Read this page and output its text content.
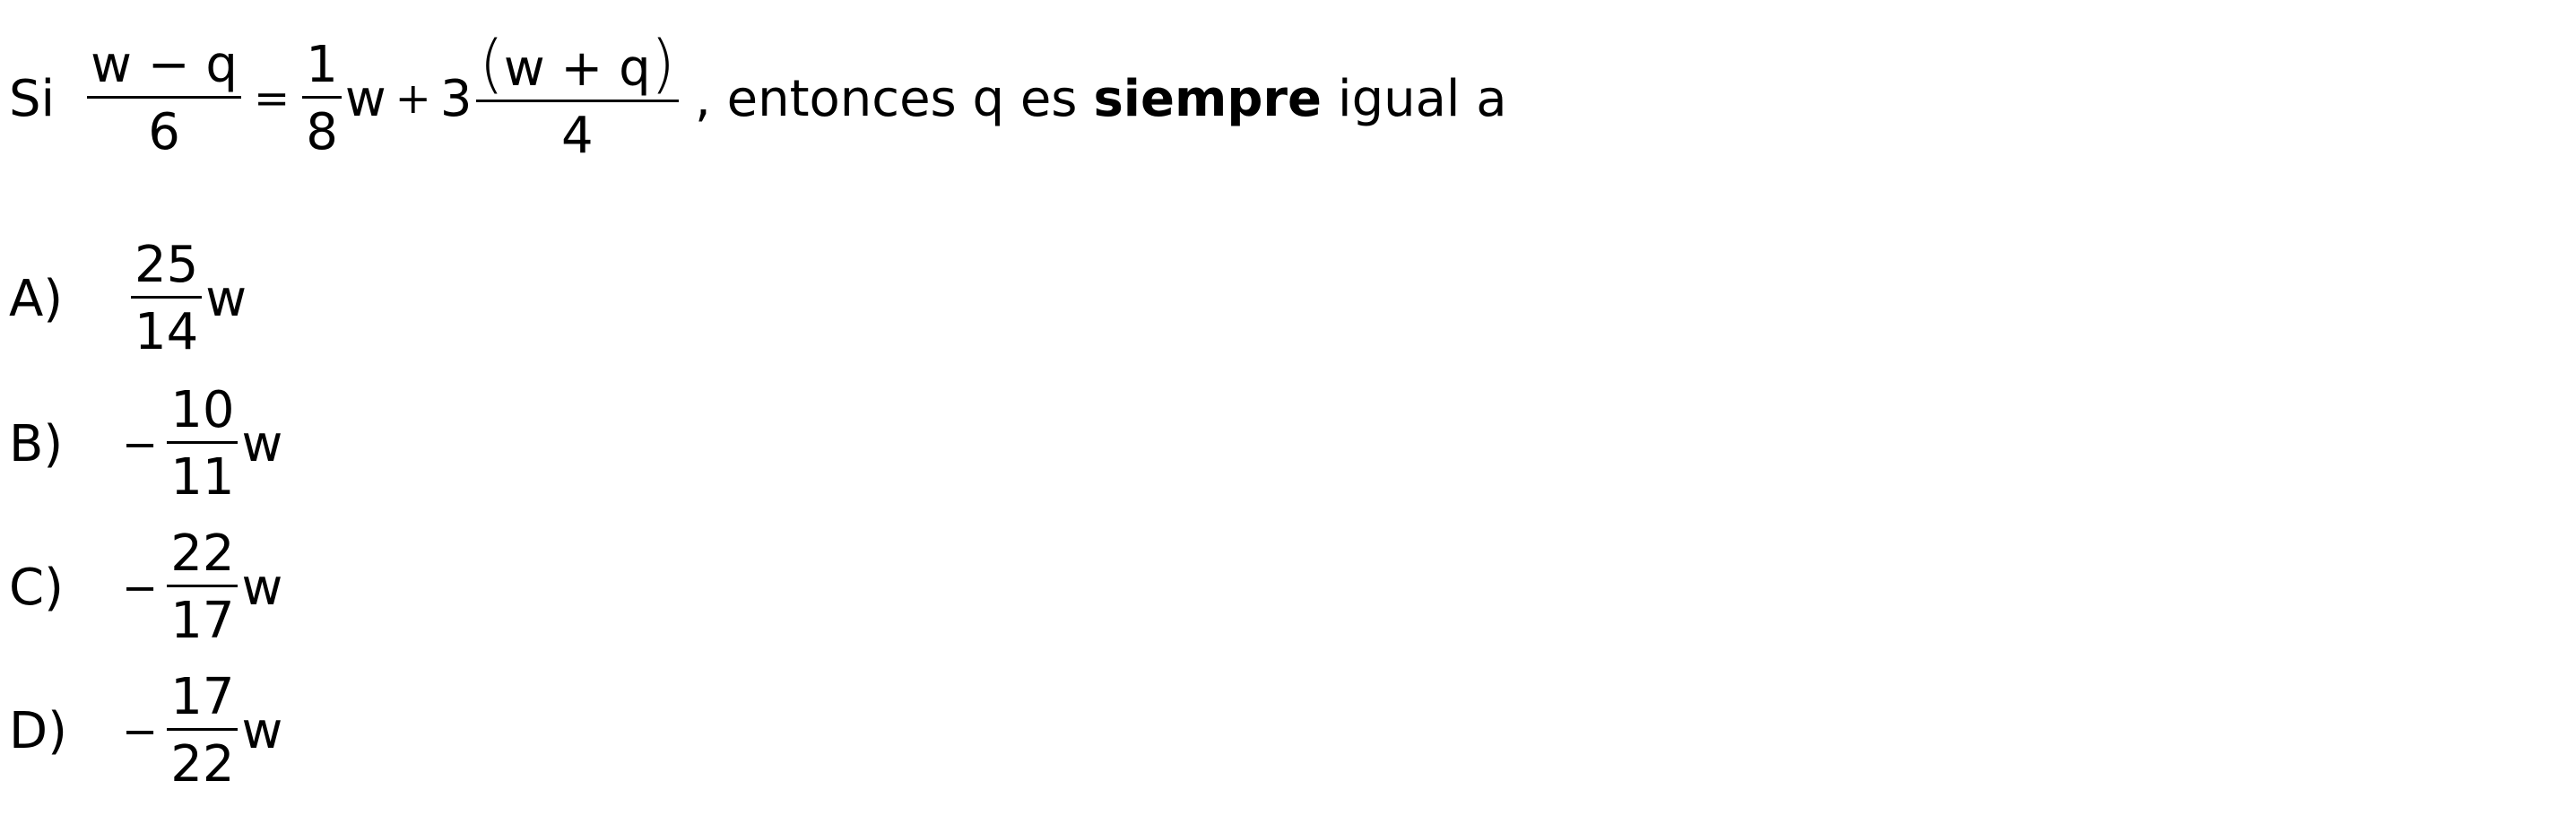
Si $\frac{w - q}{6} = \frac{1}{8}$ $w + 3 \frac{(w + q)}{4}$ , entonces q es siempre igual a
A)	$\frac{25}{14}$ w
B)	− $\frac{10}{11}$ w
C)	− $\frac{22}{17}$ w
D)	− $\frac{17}{22}$ w
